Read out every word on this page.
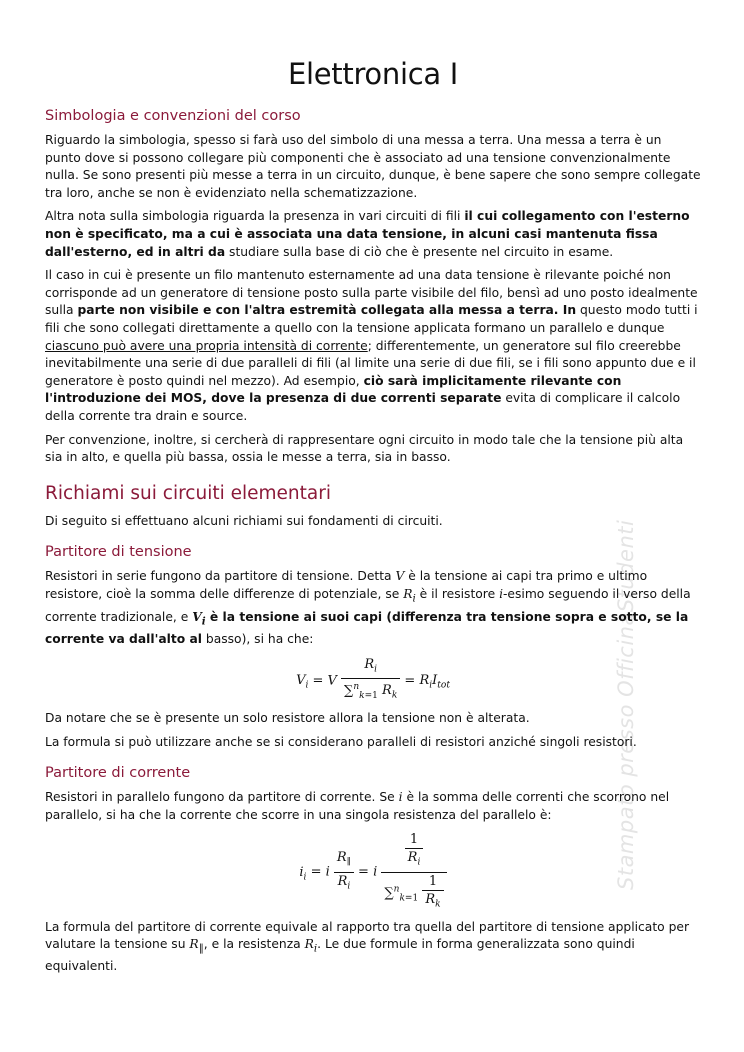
Stampato presso OfficinaStudenti
Elettronica I
Simbologia e convenzioni del corso

Riguardo la simbologia, spesso si farà uso del simbolo di una messa a terra. Una messa a terra è un punto dove si possono collegare più componenti che è associato ad una tensione convenzionalmente nulla. Se sono presenti più messe a terra in un circuito, dunque, è bene sapere che sono sempre collegate tra loro, anche se non è evidenziato nella schematizzazione.

Altra nota sulla simbologia riguarda la presenza in vari circuiti di fili il cui collegamento con l'esterno non è specificato, ma a cui è associata una data tensione, in alcuni casi mantenuta fissa dall'esterno, ed in altri da studiare sulla base di ciò che è presente nel circuito in esame.

Il caso in cui è presente un filo mantenuto esternamente ad una data tensione è rilevante poiché non corrisponde ad un generatore di tensione posto sulla parte visibile del filo, bensì ad uno posto idealmente sulla parte non visibile e con l'altra estremità collegata alla messa a terra. In questo modo tutti i fili che sono collegati direttamente a quello con la tensione applicata formano un parallelo e dunque ciascuno può avere una propria intensità di corrente; differentemente, un generatore sul filo creerebbe inevitabilmente una serie di due paralleli di fili (al limite una serie di due fili, se i fili sono appunto due e il generatore è posto quindi nel mezzo). Ad esempio, ciò sarà implicitamente rilevante con l'introduzione dei MOS, dove la presenza di due correnti separate evita di complicare il calcolo della corrente tra drain e source.

Per convenzione, inoltre, si cercherà di rappresentare ogni circuito in modo tale che la tensione più alta sia in alto, e quella più bassa, ossia le messe a terra, sia in basso.

Richiami sui circuiti elementari

Di seguito si effettuano alcuni richiami sui fondamenti di circuiti.

Partitore di tensione

Resistori in serie fungono da partitore di tensione. Detta V è la tensione ai capi tra primo e ultimo resistore, cioè la somma delle differenze di potenziale, se $R_i$ è il resistore i-esimo seguendo il verso della corrente tradizionale, e $V_i$ è la tensione ai suoi capi (differenza tra tensione sopra e sotto, se la corrente va dall'alto al basso), si ha che:

$V_i = V \frac{R_i}{\sum^n_{k=1} R_k} = R_iI_{tot}$

Da notare che se è presente un solo resistore allora la tensione non è alterata.

La formula si può utilizzare anche se si considerano paralleli di resistori anziché singoli resistori.

Partitore di corrente

Resistori in parallelo fungono da partitore di corrente. Se i è la somma delle correnti che scorrono nel parallelo, si ha che la corrente che scorre in una singola resistenza del parallelo è:

$i_i = i \frac{R_\parallel}{R_i} = i \frac{\frac{1}{R_i}}{\sum^n_{k=1} \frac{1}{R_k}}$

La formula del partitore di corrente equivale al rapporto tra quella del partitore di tensione applicato per valutare la tensione su $R_\parallel$, e la resistenza $R_i$. Le due formule in forma generalizzata sono quindi equivalenti.
